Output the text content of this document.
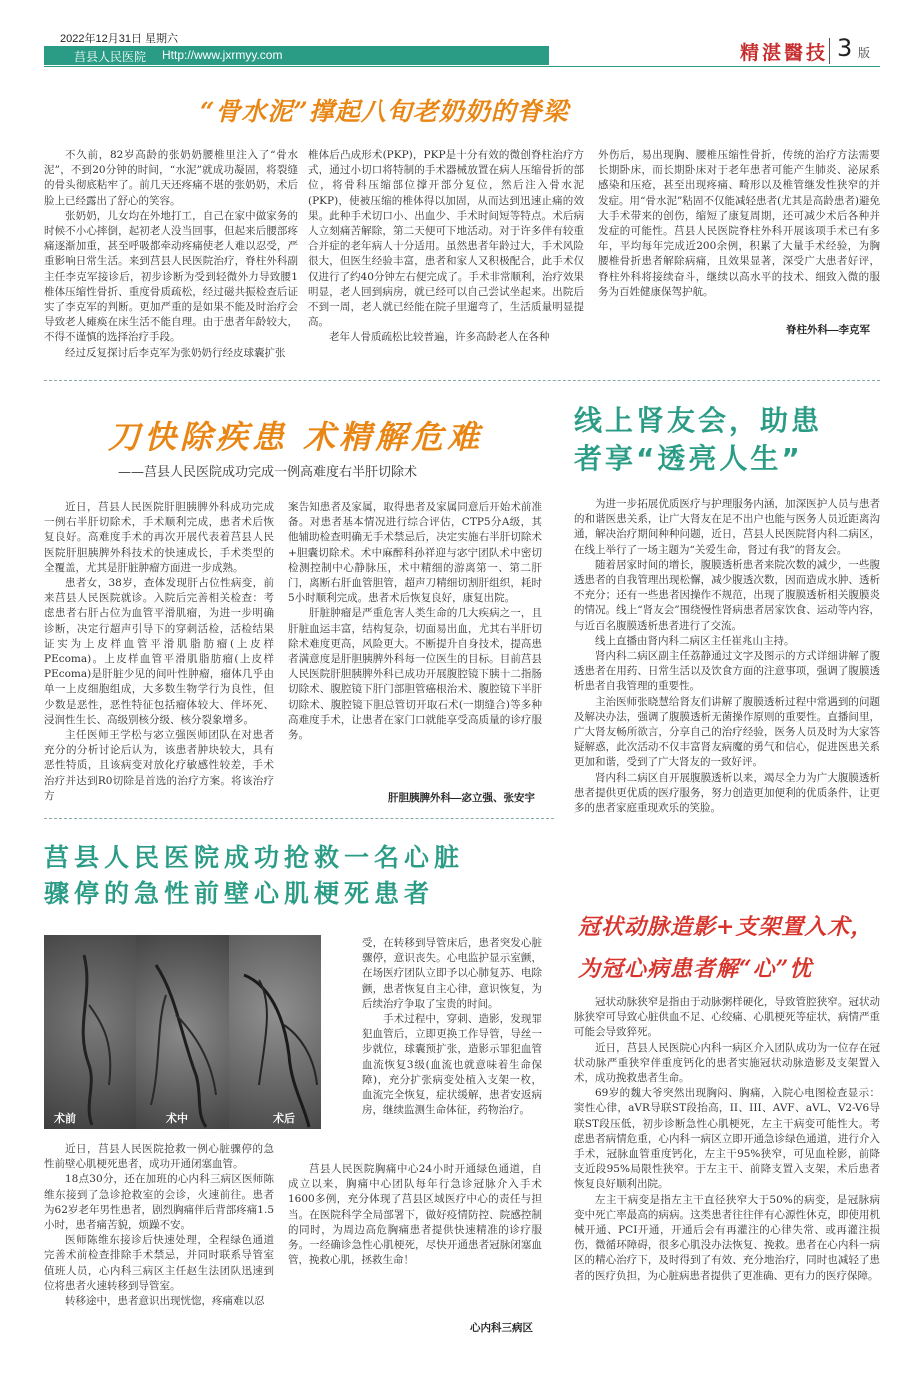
2022年12月31日 星期六
莒县人民医院 Http://www.jxrmyy.com	精湛醫技 3 版
“骨水泥”撑起八旬老奶奶的脊梁

不久前，82岁高龄的张奶奶腰椎里注入了“骨水泥”，不到20分钟的时间，“水泥”就成功凝固，将裂缝的骨头彻底粘牢了。前几天还疼痛不堪的张奶奶，术后脸上已经露出了舒心的笑容。

张奶奶，儿女均在外地打工，自己在家中做家务的时候不小心摔倒，起初老人没当回事，但起来后腰部疼痛逐渐加重，甚至呼吸都牵动疼痛使老人难以忍受，严重影响日常生活。来到莒县人民医院治疗，脊柱外科副主任李克军接诊后，初步诊断为受到轻微外力导致腰1椎体压缩性骨折、重度骨质疏松，经过磁共振检查后证实了李克军的判断。更加严重的是如果不能及时治疗会导致老人瘫痪在床生活不能自理。由于患者年龄较大，不得不谨慎的选择治疗手段。

经过反复探讨后李克军为张奶奶行经皮球囊扩张

椎体后凸成形术(PKP)，PKP是十分有效的微创脊柱治疗方式，通过小切口将特制的手术器械放置在病人压缩骨折的部位，将骨科压缩部位撑开部分复位，然后注入骨水泥(PKP)，使被压缩的椎体得以加固，从而达到迅速止痛的效果。此种手术切口小、出血少、手术时间短等特点。术后病人立刻痛苦解除，第二天便可下地活动。对于许多伴有较重合并症的老年病人十分适用。虽然患者年龄过大，手术风险很大，但医生经验丰富，患者和家人又积极配合，此手术仅仅进行了约40分钟左右便完成了。手术非常顺利，治疗效果明显，老人回到病房，就已经可以自己尝试坐起来。出院后不到一周，老人就已经能在院子里遛弯了，生活质量明显提高。

老年人骨质疏松比较普遍，许多高龄老人在各种

外伤后，易出现胸、腰椎压缩性骨折，传统的治疗方法需要长期卧床，而长期卧床对于老年患者可能产生肺炎、泌尿系感染和压疮，甚至出现疼痛、畸形以及椎管继发性狭窄的并发症。用“骨水泥”粘固不仅能减轻患者(尤其是高龄患者)避免大手术带来的创伤，缩短了康复周期，还可减少术后各种并发症的可能性。莒县人民医院脊柱外科开展该项手术已有多年，平均每年完成近200余例，积累了大量手术经验，为胸腰椎骨折患者解除病痛，且效果显著，深受广大患者好评，脊柱外科将接续奋斗，继续以高水平的技术、细致入微的服务为百姓健康保驾护航。

脊柱外科—李克军
刀快除疾患 术精解危难
——莒县人民医院成功完成一例高难度右半肝切除术

近日，莒县人民医院肝胆胰脾外科成功完成一例右半肝切除术，手术顺利完成，患者术后恢复良好。高难度手术的再次开展代表着莒县人民医院肝胆胰脾外科技术的快速成长，手术类型的全覆盖，尤其是肝脏肿瘤方面进一步成熟。

患者女，38岁，查体发现肝占位性病变，前来莒县人民医院就诊。入院后完善相关检查：考虑患者右肝占位为血管平滑肌瘤，为进一步明确诊断，决定行超声引导下的穿刺活检，活检结果证实为上皮样血管平滑肌脂肪瘤(上皮样PEcoma)。上皮样血管平滑肌脂肪瘤(上皮样PEcoma)是肝脏少见的间叶性肿瘤，瘤体几乎由单一上皮细胞组成，大多数生物学行为良性，但少数是恶性，恶性特征包括瘤体较大、伴坏死、浸润性生长、高级别核分级、核分裂象增多。

主任医师王学松与宓立强医师团队在对患者充分的分析讨论后认为，该患者肿块较大，具有恶性特质，且该病变对放化疗敏感性较差，手术治疗并达到R0切除是首选的治疗方案。将该治疗方

案告知患者及家属，取得患者及家属同意后开始术前准备。对患者基本情况进行综合评估，CTP5分A级，其他辅助检查明确无手术禁忌后，决定实施右半肝切除术+胆囊切除术。术中麻醉科孙祥迎与宓宁团队术中密切检测控制中心静脉压，术中精细的游离第一、第二肝门，离断右肝血管胆管，超声刀精细切割肝组织，耗时5小时顺利完成。患者术后恢复良好，康复出院。

肝脏肿瘤是严重危害人类生命的几大疾病之一，且肝脏血运丰富，结构复杂，切面易出血，尤其右半肝切除术难度更高，风险更大。不断提升自身技术，提高患者满意度是肝胆胰脾外科每一位医生的目标。目前莒县人民医院肝胆胰脾外科已成功开展腹腔镜下胰十二指肠切除术、腹腔镜下肝门部胆管癌根治术、腹腔镜下半肝切除术、腹腔镜下胆总管切开取石术(一期缝合)等多种高难度手术，让患者在家门口就能享受高质量的诊疗服务。

肝胆胰脾外科—宓立强、张安宇
线上肾友会，助患
者享“透亮人生”

为进一步拓展优质医疗与护理服务内涵，加深医护人员与患者的和谐医患关系，让广大肾友在足不出户也能与医务人员近距离沟通，解决治疗期间种种问题，近日，莒县人民医院肾内科二病区，在线上举行了一场主题为“关爱生命，肾过有我”的肾友会。

随着居家时间的增长，腹膜透析患者来院次数的减少，一些腹透患者的自我管理出现松懈，减少腹透次数，因而造成水肿、透析不充分；还有一些患者因操作不规范，出现了腹膜透析相关腹膜炎的情况。线上“肾友会”围绕慢性肾病患者居家饮食、运动等内容，与近百名腹膜透析患者进行了交流。

线上直播由肾内科二病区主任崔兆山主持。

肾内科二病区副主任荔静通过文字及图示的方式详细讲解了腹透患者在用药、日常生活以及饮食方面的注意事项，强调了腹膜透析患者自我管理的重要性。

主治医师张晓慧给肾友们讲解了腹膜透析过程中常遇到的问题及解决办法，强调了腹膜透析无菌操作原则的重要性。直播间里，广大肾友畅所欲言，分享自己的治疗经验，医务人员及时为大家答疑解惑，此次活动不仅丰富肾友病魔的勇气和信心，促进医患关系更加和谐，受到了广大肾友的一致好评。

肾内科二病区自开展腹膜透析以来，竭尽全力为广大腹膜透析患者提供更优质的医疗服务，努力创造更加便利的优质条件，让更多的患者家庭重现欢乐的笑脸。

莒县人民医院成功抢救一名心脏
骤停的急性前壁心肌梗死患者
术前	术中	术后

受，在转移到导管床后，患者突发心脏骤停，意识丧失。心电监护显示室颤，在场医疗团队立即予以心肺复苏、电除颤，患者恢复自主心律，意识恢复，为后续治疗争取了宝贵的时间。

手术过程中，穿刺、造影，发现罪犯血管后，立即更换工作导管，导丝一步就位，球囊预扩张，造影示罪犯血管血流恢复3级(血流也就意味着生命保障)，充分扩张病变处植入支架一枚，血流完全恢复，症状缓解，患者安返病房，继续监测生命体征，药物治疗。

近日，莒县人民医院抢救一例心脏骤停的急性前壁心肌梗死患者，成功开通闭塞血管。

18点30分，还在加班的心内科三病区医师陈维东接到了急诊抢救室的会诊，火速前往。患者为62岁老年男性患者，剧烈胸痛伴后背部疼痛1.5小时，患者痛苦貌，烦躁不安。

医师陈维东接诊后快速处理，全程绿色通道完善术前检查排除手术禁忌，并同时联系导管室值班人员，心内科三病区主任赵生法团队迅速到位将患者火速转移到导管室。

转移途中，患者意识出现恍惚，疼痛难以忍

莒县人民医院胸痛中心24小时开通绿色通道，自成立以来，胸痛中心团队每年行急诊冠脉介入手术1600多例，充分体现了莒县区域医疗中心的责任与担当。在医院科学全局部署下，做好疫情防控、院感控制的同时，为周边高危胸痛患者提供快速精准的诊疗服务。一经确诊急性心肌梗死，尽快开通患者冠脉闭塞血管，挽救心肌，拯救生命！

心内科三病区
冠状动脉造影+支架置入术，
为冠心病患者解“心”忧

冠状动脉狭窄是指由于动脉粥样硬化，导致管腔狭窄。冠状动脉狭窄可导致心脏供血不足、心绞痛、心肌梗死等症状，病情严重可能会导致猝死。

近日，莒县人民医院心内科一病区介入团队成功为一位存在冠状动脉严重狭窄伴重度钙化的患者实施冠状动脉造影及支架置入术，成功挽救患者生命。

69岁的魏大爷突然出现胸闷、胸痛，入院心电图检查显示：窦性心律，aVR导联ST段抬高，II、III、AVF、aVL、V2-V6导联ST段压低，初步诊断急性心肌梗死，左主干病变可能性大。考虑患者病情危重，心内科一病区立即开通急诊绿色通道，进行介入手术，冠脉血管重度钙化，左主干95%狭窄，可见血栓影，前降支近段95%局限性狭窄。于左主干、前降支置入支架，术后患者恢复良好顺利出院。

左主干病变是指左主干直径狭窄大于50%的病变，是冠脉病变中死亡率最高的病病。这类患者往往伴有心源性休克，即使用机械开通、PCI开通，开通后会有再灌注的心律失常、或再灌注损伤，微循环障碍，很多心肌没办法恢复、挽救。患者在心内科一病区的精心治疗下，及时得到了有效、充分地治疗，同时也减轻了患者的医疗负担，为心脏病患者提供了更准确、更有力的医疗保障。
